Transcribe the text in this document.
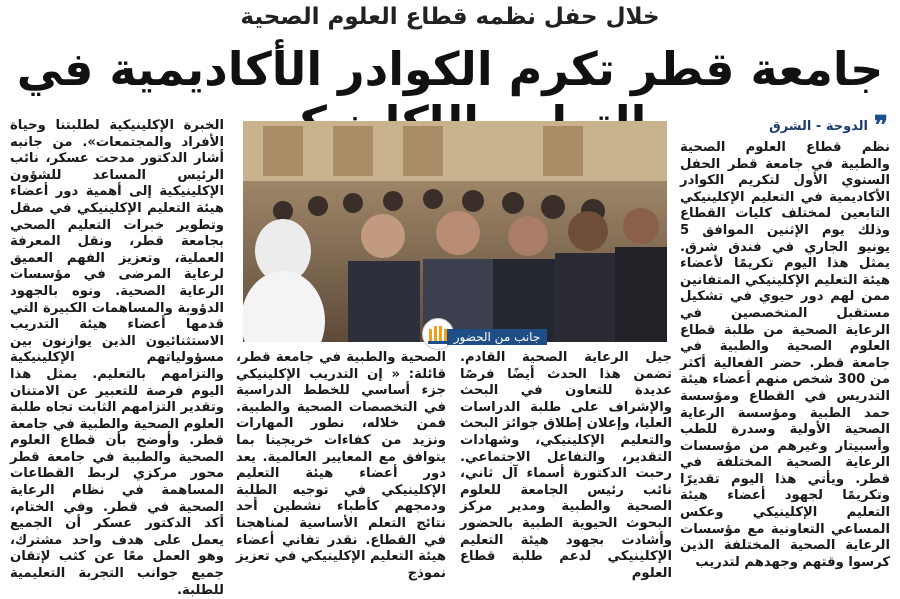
خلال حفل نظمه قطاع العلوم الصحية
جامعة قطر تكرم الكوادر الأكاديمية في
❞
الدوحة - الشرق

نظم قطاع العلوم الصحية والطبية في جامعة قطر الحفل السنوي الأول لتكريم الكوادر الأكاديمية في التعليم الإكلينيكي التابعين لمختلف كليات القطاع وذلك يوم الإثنين الموافق 5 يونيو الجاري في فندق شرق. يمثل هذا اليوم تكريمًا لأعضاء هيئة التعليم الإكلينيكي المتفانين ممن لهم دور حيوي في تشكيل مستقبل المتخصصين في الرعاية الصحية من طلبة قطاع العلوم الصحية والطبية في جامعة قطر. حضر الفعالية أكثر من 300 شخص منهم أعضاء هيئة التدريس في القطاع ومؤسسة حمد الطبية ومؤسسة الرعاية الصحية الأولية وسدرة للطب وأسبيتار وغيرهم من مؤسسات الرعاية الصحية المختلفة في قطر. ويأتي هذا اليوم تقديرًا وتكريمًا لجهود أعضاء هيئة التعليم الإكلينيكي وعكس المساعي التعاونية مع مؤسسات الرعاية الصحية المختلفة الذين كرسوا وقتهم وجهدهم لتدريب

جانب من الحضور

جيل الرعاية الصحية القادم. تضمن هذا الحدث أيضًا فرصًا عديدة للتعاون في البحث والإشراف على طلبة الدراسات العليا، وإعلان إطلاق جوائز البحث والتعليم الإكلينيكي، وشهادات التقدير، والتفاعل الاجتماعي. رحبت الدكتورة أسماء آل ثاني، نائب رئيس الجامعة للعلوم الصحية والطبية ومدير مركز البحوث الحيوية الطبية بالحضور وأشادت بجهود هيئة التعليم الإكلينيكي لدعم طلبة قطاع العلوم

الصحية والطبية في جامعة قطر، قائلة: « إن التدريب الإكلينيكي جزء أساسي للخطط الدراسية في التخصصات الصحية والطبية. فمن خلاله، نطور المهارات ونزيد من كفاءات خريجينا بما يتوافق مع المعايير العالمية. يعد دور أعضاء هيئة التعليم الإكلينيكي في توجيه الطلبة ودمجهم كأطباء نشطين أحد نتائج التعلم الأساسية لمناهجنا في القطاع. نقدر تفاني أعضاء هيئة التعليم الإكلينيكي في تعزيز نموذج

الخبرة الإكلينيكية لطلبتنا وحياة الأفراد والمجتمعات». من جانبه أشار الدكتور مدحت عسكر، نائب الرئيس المساعد للشؤون الإكلينيكية إلى أهمية دور أعضاء هيئة التعليم الإكلينيكي في صقل وتطوير خبرات التعليم الصحي بجامعة قطر، ونقل المعرفة العملية، وتعزيز الفهم العميق لرعاية المرضى في مؤسسات الرعاية الصحية. ونوه بالجهود الدؤوبة والمساهمات الكبيرة التي قدمها أعضاء هيئة التدريب الاستثنائيون الذين يوازنون بين مسؤولياتهم الإكلينيكية والتزامهم بالتعليم. يمثل هذا اليوم فرصة للتعبير عن الامتنان وتقدير التزامهم الثابت تجاه طلبة العلوم الصحية والطبية في جامعة قطر. وأوضح بأن قطاع العلوم الصحية والطبية في جامعة قطر محور مركزي لربط القطاعات المساهمة في نظام الرعاية الصحية في قطر. وفي الختام، أكد الدكتور عسكر أن الجميع يعمل على هدف واحد مشترك، وهو العمل معًا عن كثب لإتقان جميع جوانب التجربة التعليمية للطلبة.
